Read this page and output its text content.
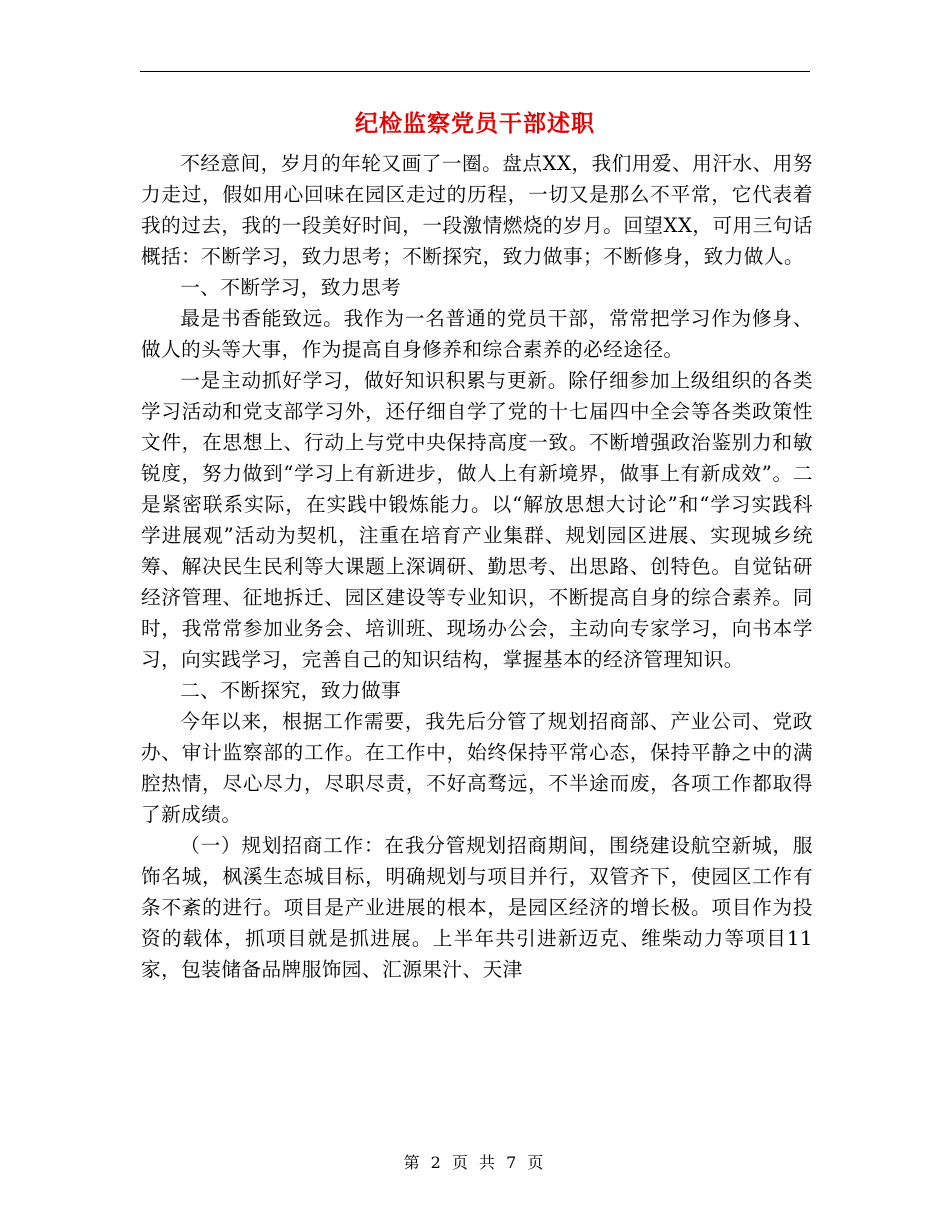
纪检监察党员干部述职

不经意间，岁月的年轮又画了一圈。盘点XX，我们用爱、用汗水、用努力走过，假如用心回味在园区走过的历程，一切又是那么不平常，它代表着我的过去，我的一段美好时间，一段激情燃烧的岁月。回望XX，可用三句话概括：不断学习，致力思考；不断探究，致力做事；不断修身，致力做人。

一、不断学习，致力思考

最是书香能致远。我作为一名普通的党员干部，常常把学习作为修身、做人的头等大事，作为提高自身修养和综合素养的必经途径。

一是主动抓好学习，做好知识积累与更新。除仔细参加上级组织的各类学习活动和党支部学习外，还仔细自学了党的十七届四中全会等各类政策性文件，在思想上、行动上与党中央保持高度一致。不断增强政治鉴别力和敏锐度，努力做到“学习上有新进步，做人上有新境界，做事上有新成效”。二是紧密联系实际，在实践中锻炼能力。以“解放思想大讨论”和“学习实践科学进展观”活动为契机，注重在培育产业集群、规划园区进展、实现城乡统筹、解决民生民利等大课题上深调研、勤思考、出思路、创特色。自觉钻研经济管理、征地拆迁、园区建设等专业知识，不断提高自身的综合素养。同时，我常常参加业务会、培训班、现场办公会，主动向专家学习，向书本学习，向实践学习，完善自己的知识结构，掌握基本的经济管理知识。

二、不断探究，致力做事

今年以来，根据工作需要，我先后分管了规划招商部、产业公司、党政办、审计监察部的工作。在工作中，始终保持平常心态，保持平静之中的满腔热情，尽心尽力，尽职尽责，不好高骛远，不半途而废，各项工作都取得了新成绩。

（一）规划招商工作：在我分管规划招商期间，围绕建设航空新城，服饰名城，枫溪生态城目标，明确规划与项目并行，双管齐下，使园区工作有条不紊的进行。项目是产业进展的根本，是园区经济的增长极。项目作为投资的载体，抓项目就是抓进展。上半年共引进新迈克、维柴动力等项目11家，包装储备品牌服饰园、汇源果汁、天津

第 2 页 共 7 页
